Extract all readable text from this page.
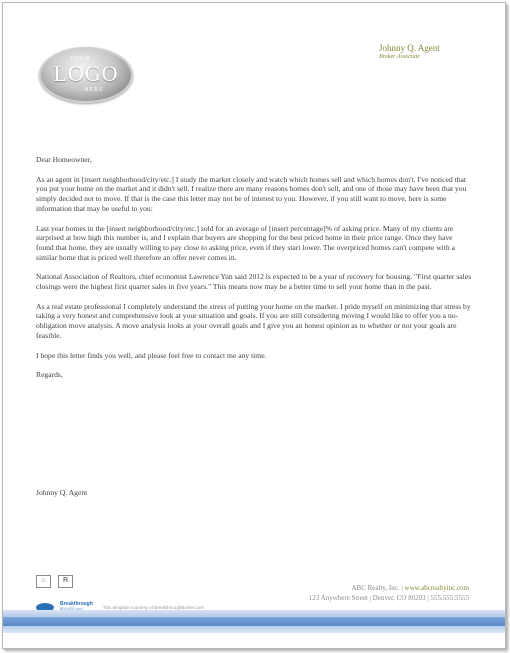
YOUR
LOGO
HERE
Johnny Q. Agent
Broker Associate

Dear Homeowner,

As an agent in [insert neighborhood/city/etc.] I study the market closely and watch which homes sell and which homes don't. I've noticed that you put your home on the market and it didn't sell. I realize there are many reasons homes don't sell, and one of those may have been that you simply decided not to move. If that is the case this letter may not be of interest to you. However, if you still want to move, here is some information that may be useful to you:

Last year homes in the [insert neighborhood/city/etc.] sold for an average of [insert percentage]% of asking price. Many of my clients are surprised at how high this number is, and I explain that buyers are shopping for the best priced home in their price range. Once they have found that home, they are usually willing to pay close to asking price, even if they start lower. The overpriced homes can't compete with a similar home that is priced well therefore an offer never comes in.

National Association of Realtors, chief economist Lawrence Yun said 2012 is expected to be a year of recovery for housing. "First quarter sales closings were the highest first quarter sales in five years." This means now may be a better time to sell your home than in the past.

As a real estate professional I completely understand the stress of putting your home on the market. I pride myself on minimizing that stress by taking a very honest and comprehensive look at your situation and goals. If you are still considering moving I would like to offer you a no-obligation move analysis. A move analysis looks at your overall goals and I give you an honest opinion as to whether or not your goals are feasible.

I hope this letter finds you well, and please feel free to contact me any time.

Regards,

Johnny Q. Agent
⌂
	R
Breakthrough This template courtesy of BreakthroughBroker.com
ABC Realty, Inc. | www.abcrealtyinc.com
123 Anywhere Street | Denver, CO 80203 | 555.555.5555
